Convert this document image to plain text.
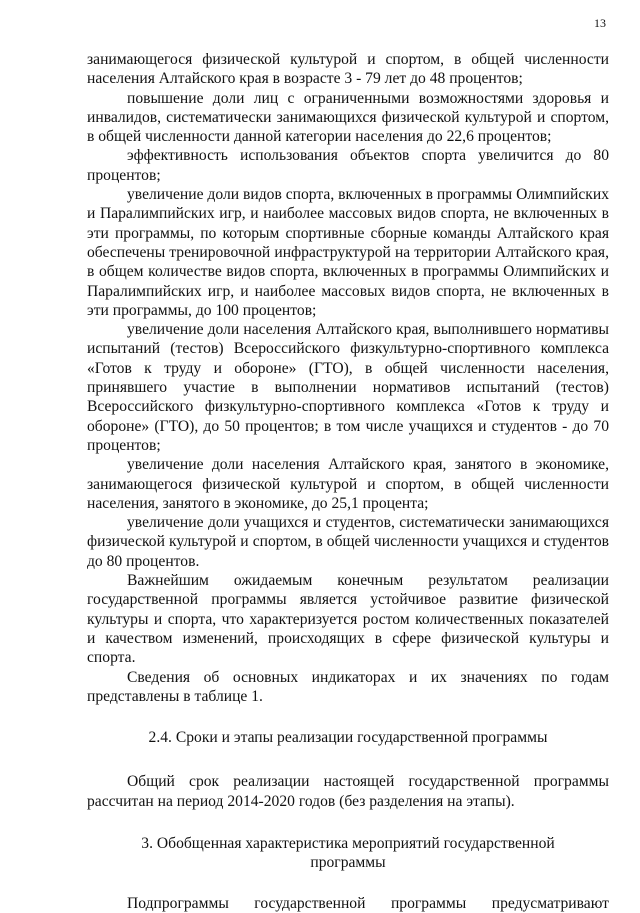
13

занимающегося физической культурой и спортом, в общей численности населения Алтайского края в возрасте 3 - 79 лет до 48 процентов;

повышение доли лиц с ограниченными возможностями здоровья и инвалидов, систематически занимающихся физической культурой и спортом, в общей численности данной категории населения до 22,6 процентов;

эффективность использования объектов спорта увеличится до 80 процентов;

увеличение доли видов спорта, включенных в программы Олимпийских и Паралимпийских игр, и наиболее массовых видов спорта, не включенных в эти программы, по которым спортивные сборные команды Алтайского края обеспечены тренировочной инфраструктурой на территории Алтайского края, в общем количестве видов спорта, включенных в программы Олимпийских и Паралимпийских игр, и наиболее массовых видов спорта, не включенных в эти программы, до 100 процентов;

увеличение доли населения Алтайского края, выполнившего нормативы испытаний (тестов) Всероссийского физкультурно-спортивного комплекса «Готов к труду и обороне» (ГТО), в общей численности населения, принявшего участие в выполнении нормативов испытаний (тестов) Всероссийского физкультурно-спортивного комплекса «Готов к труду и обороне» (ГТО), до 50 процентов; в том числе учащихся и студентов - до 70 процентов;

увеличение доли населения Алтайского края, занятого в экономике, занимающегося физической культурой и спортом, в общей численности населения, занятого в экономике, до 25,1 процента;

увеличение доли учащихся и студентов, систематически занимающихся физической культурой и спортом, в общей численности учащихся и студентов до 80 процентов.

Важнейшим ожидаемым конечным результатом реализации государственной программы является устойчивое развитие физической культуры и спорта, что характеризуется ростом количественных показателей и качеством изменений, происходящих в сфере физической культуры и спорта.

Сведения об основных индикаторах и их значениях по годам представлены в таблице 1.

2.4. Сроки и этапы реализации государственной программы

Общий срок реализации настоящей государственной программы рассчитан на период 2014-2020 годов (без разделения на этапы).

3. Обобщенная характеристика мероприятий государственной программы

Подпрограммы государственной программы предусматривают
